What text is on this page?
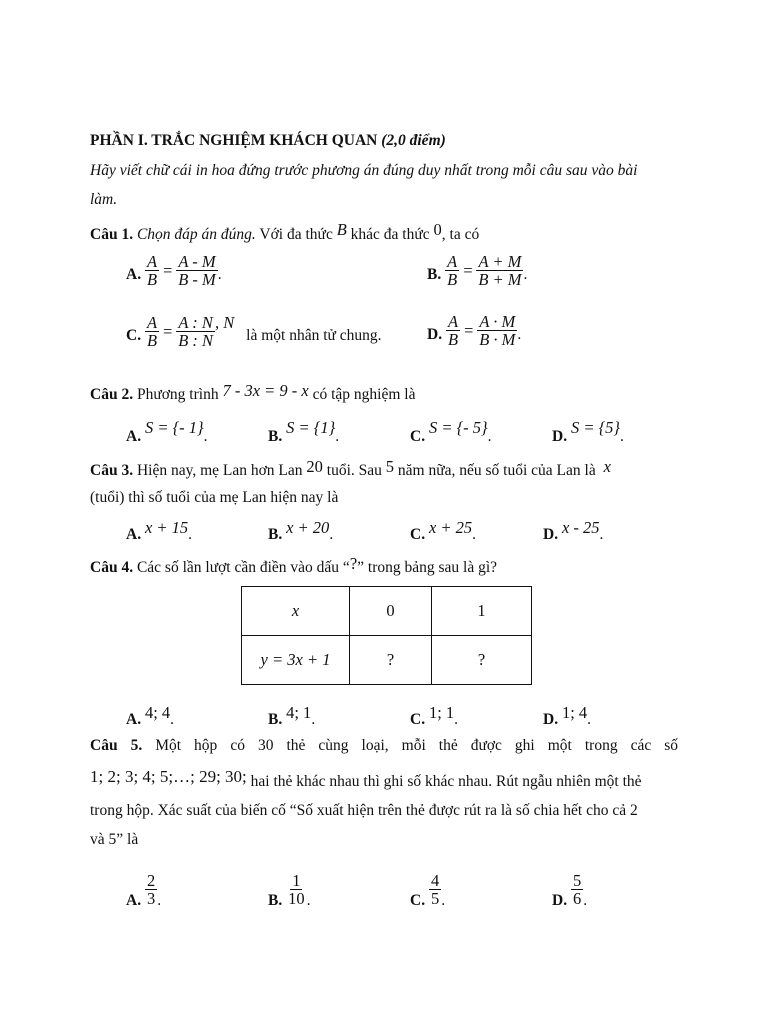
PHẦN I. TRẮC NGHIỆM KHÁCH QUAN (2,0 điểm)
Hãy viết chữ cái in hoa đứng trước phương án đúng duy nhất trong mỗi câu sau vào bài
làm.
Câu 1. Chọn đáp án đúng. Với đa thức B khác đa thức 0, ta có
A. $\frac{A}{B} = \frac{A - M}{B - M}$ .	B. $\frac{A}{B} = \frac{A + M}{B + M}$ .
C. $\frac{A}{B} = \frac{A : N}{B : N}$ , N là một nhân tử chung.	D. $\frac{A}{B} = \frac{A \cdot M}{B \cdot M}$ .
Câu 2. Phương trình 7 - 3x = 9 - x có tập nghiệm là
A. S = {- 1}.	B. S = {1}.	C. S = {- 5}.	D. S = {5}.
Câu 3. Hiện nay, mẹ Lan hơn Lan 20 tuổi. Sau 5 năm nữa, nếu số tuổi của Lan là x
(tuổi) thì số tuổi của mẹ Lan hiện nay là
A. x + 15.	B. x + 20.	C. x + 25.	D. x - 25.
Câu 4. Các số lần lượt cần điền vào dấu “?” trong bảng sau là gì?
x	0	1
y = 3x + 1	?	?
A. 4; 4.	B. 4; 1.	C. 1; 1.	D. 1; 4.
Câu 5. Một hộp có 30 thẻ cùng loại, mỗi thẻ được ghi một trong các số
1; 2; 3; 4; 5;…; 29; 30; hai thẻ khác nhau thì ghi số khác nhau. Rút ngẫu nhiên một thẻ
trong hộp. Xác suất của biến cố “Số xuất hiện trên thẻ được rút ra là số chia hết cho cả 2
và 5” là
A. $\frac{2}{3}$ .	B. $\frac{1}{10}$ .	C. $\frac{4}{5}$ .	D. $\frac{5}{6}$ .
